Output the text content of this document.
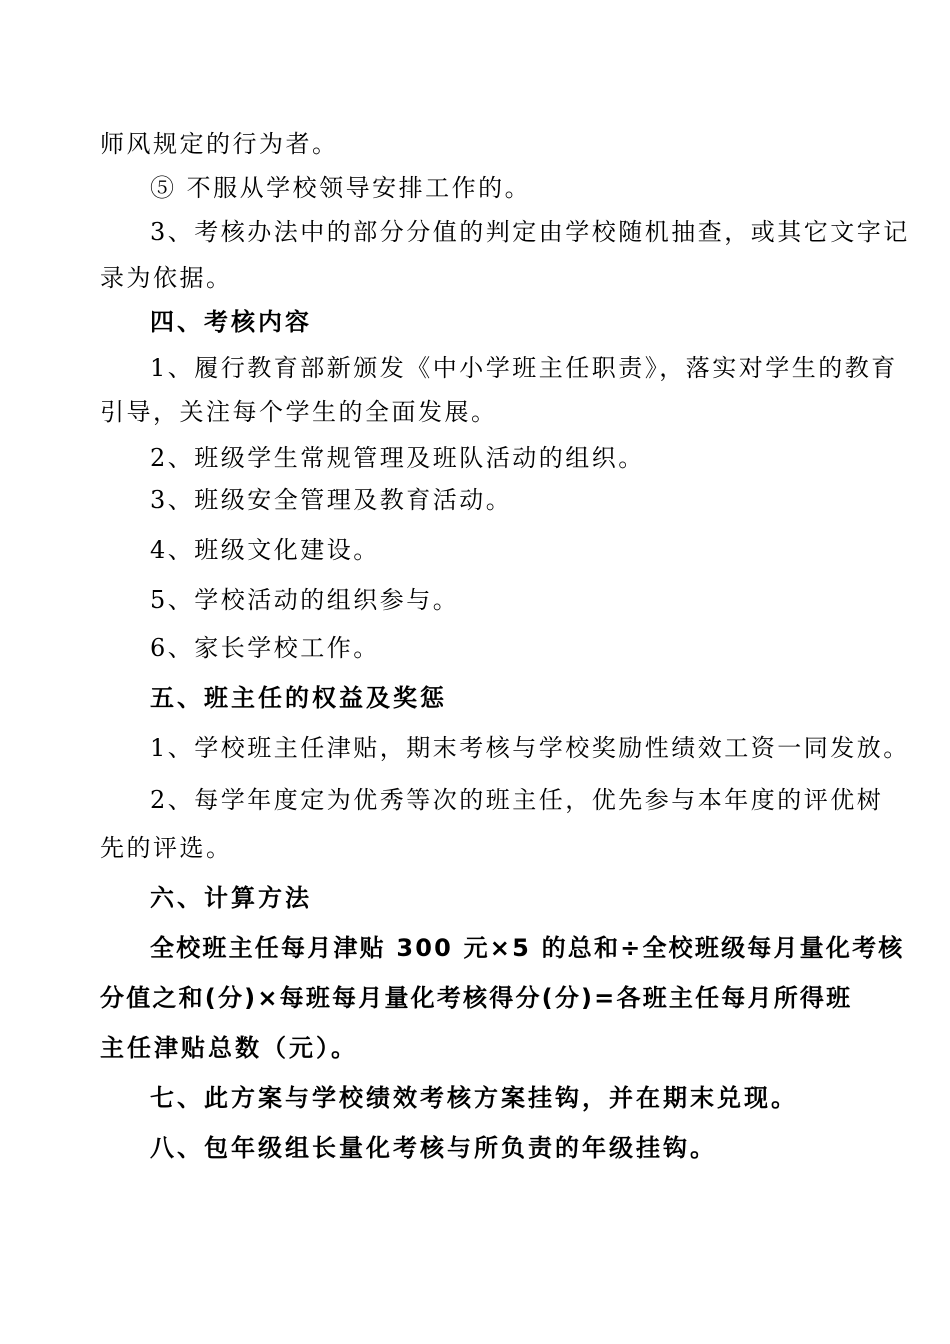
师风规定的行为者。
⑤ 不服从学校领导安排工作的。
3、考核办法中的部分分值的判定由学校随机抽查，或其它文字记
录为依据。
四、考核内容
1、履行教育部新颁发《中小学班主任职责》，落实对学生的教育
引导，关注每个学生的全面发展。
2、班级学生常规管理及班队活动的组织。
3、班级安全管理及教育活动。
4、班级文化建设。
5、学校活动的组织参与。
6、家长学校工作。
五、班主任的权益及奖惩
1、学校班主任津贴，期末考核与学校奖励性绩效工资一同发放。
2、每学年度定为优秀等次的班主任，优先参与本年度的评优树
先的评选。
六、计算方法
全校班主任每月津贴 300 元×5 的总和÷全校班级每月量化考核
分值之和(分)×每班每月量化考核得分(分)=各班主任每月所得班
主任津贴总数（元）。
七、此方案与学校绩效考核方案挂钩，并在期末兑现。
八、包年级组长量化考核与所负责的年级挂钩。
